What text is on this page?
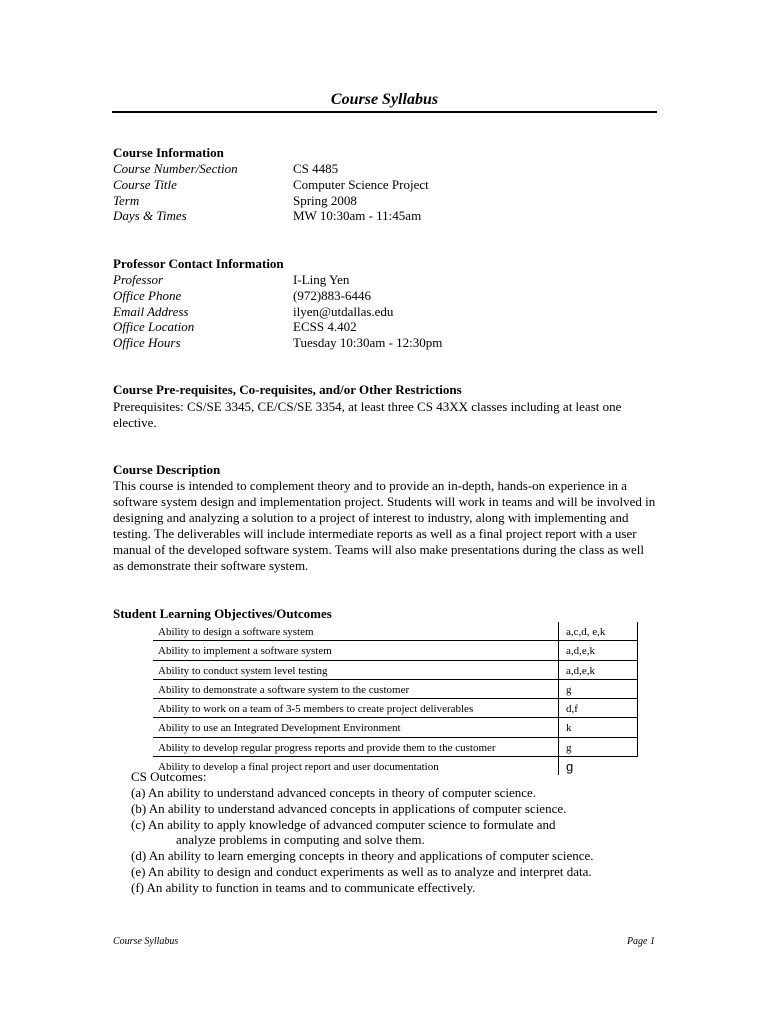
Course Syllabus
Course Information
Course Number/Section	CS 4485
Course Title	Computer Science Project
Term	Spring 2008
Days & Times	MW 10:30am - 11:45am
Professor Contact Information
Professor	I-Ling Yen
Office Phone	(972)883-6446
Email Address	ilyen@utdallas.edu
Office Location	ECSS 4.402
Office Hours	Tuesday 10:30am - 12:30pm
Course Pre-requisites, Co-requisites, and/or Other Restrictions
Prerequisites: CS/SE 3345, CE/CS/SE 3354, at least three CS 43XX classes including at least one elective.
Course Description
This course is intended to complement theory and to provide an in-depth, hands-on experience in a software system design and implementation project. Students will work in teams and will be involved in designing and analyzing a solution to a project of interest to industry, along with implementing and testing. The deliverables will include intermediate reports as well as a final project report with a user manual of the developed software system. Teams will also make presentations during the class as well as demonstrate their software system.
Student Learning Objectives/Outcomes
Ability to design a software system	a,c,d, e,k
Ability to implement a software system	a,d,e,k
Ability to conduct system level testing	a,d,e,k
Ability to demonstrate a software system to the customer	g
Ability to work on a team of 3-5 members to create project deliverables	d,f
Ability to use an Integrated Development Environment	k
Ability to develop regular progress reports and provide them to the customer	g
Ability to develop a final project report and user documentation	g
CS Outcomes:
(a) An ability to understand advanced concepts in theory of computer science.
(b) An ability to understand advanced concepts in applications of computer science.
(c) An ability to apply knowledge of advanced computer science to formulate and
analyze problems in computing and solve them.
(d) An ability to learn emerging concepts in theory and applications of computer science.
(e) An ability to design and conduct experiments as well as to analyze and interpret data.
(f) An ability to function in teams and to communicate effectively.
Course Syllabus	Page 1
